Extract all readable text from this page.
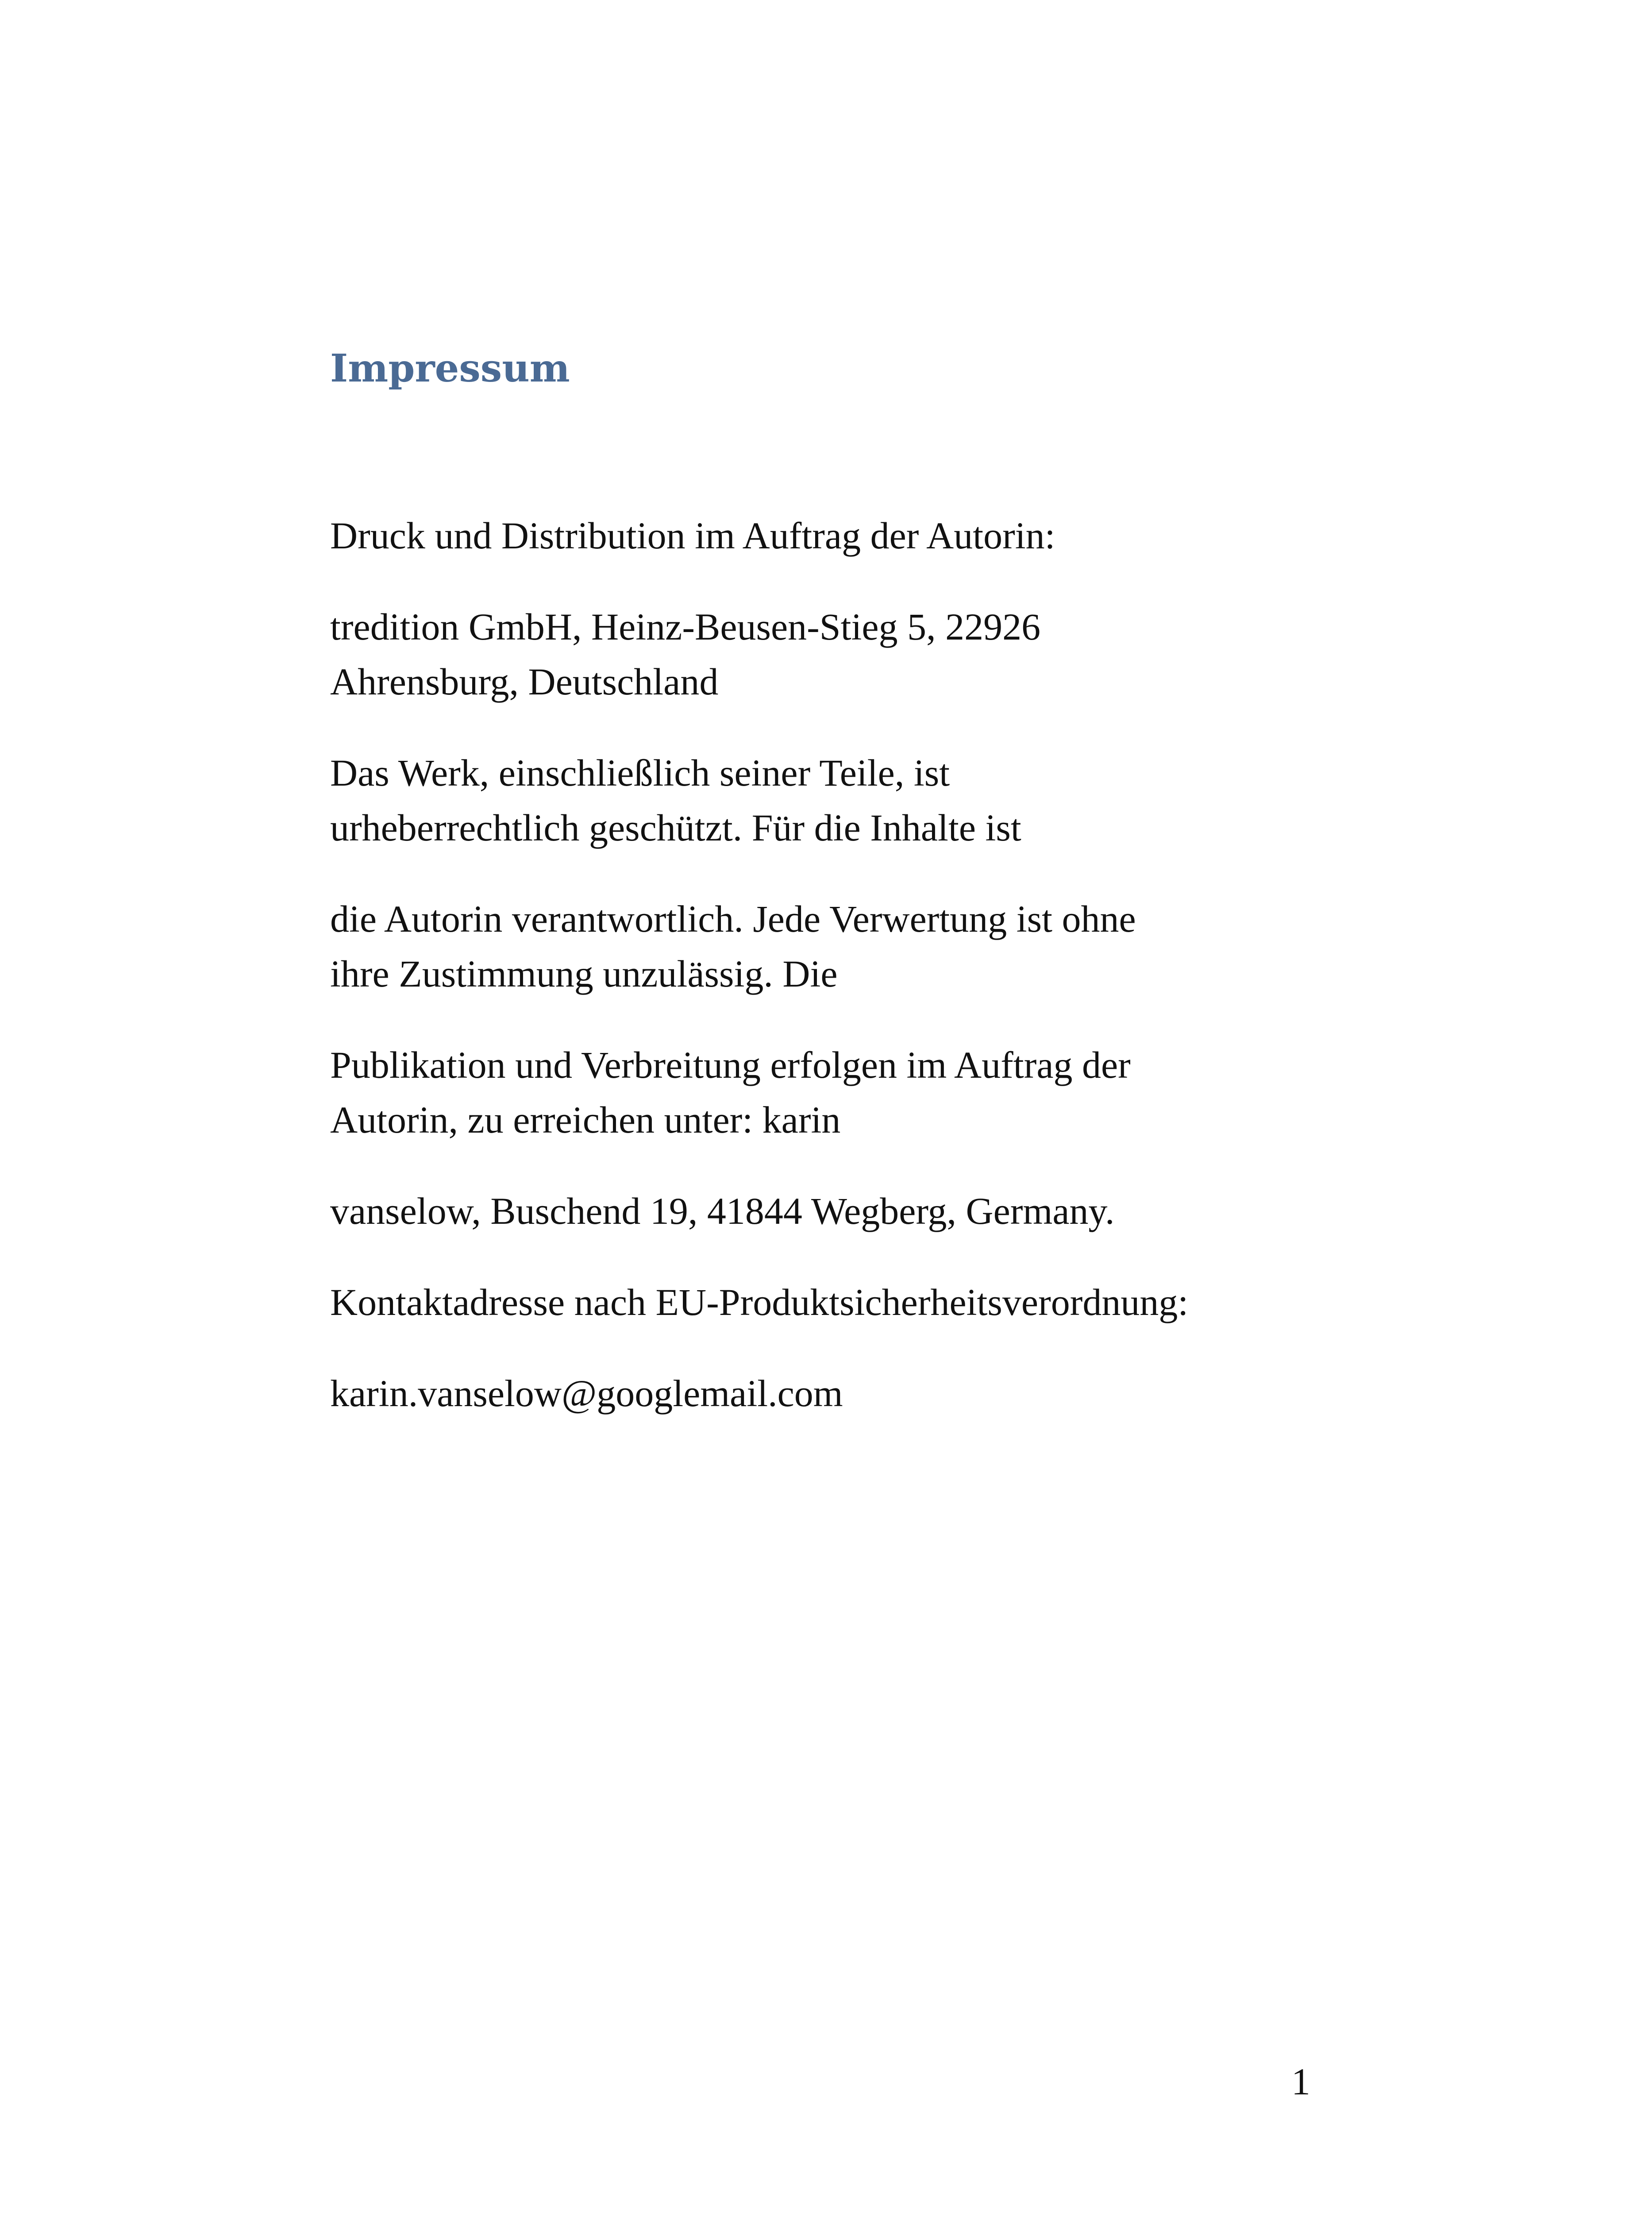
Impressum

Druck und Distribution im Auftrag der Autorin:

tredition GmbH, Heinz-Beusen-Stieg 5, 22926
Ahrensburg, Deutschland

Das Werk, einschließlich seiner Teile, ist
urheberrechtlich geschützt. Für die Inhalte ist

die Autorin verantwortlich. Jede Verwertung ist ohne
ihre Zustimmung unzulässig. Die

Publikation und Verbreitung erfolgen im Auftrag der
Autorin, zu erreichen unter: karin

vanselow, Buschend 19, 41844 Wegberg, Germany.

Kontaktadresse nach EU-Produktsicherheitsverordnung:

karin.vanselow@googlemail.com

1
